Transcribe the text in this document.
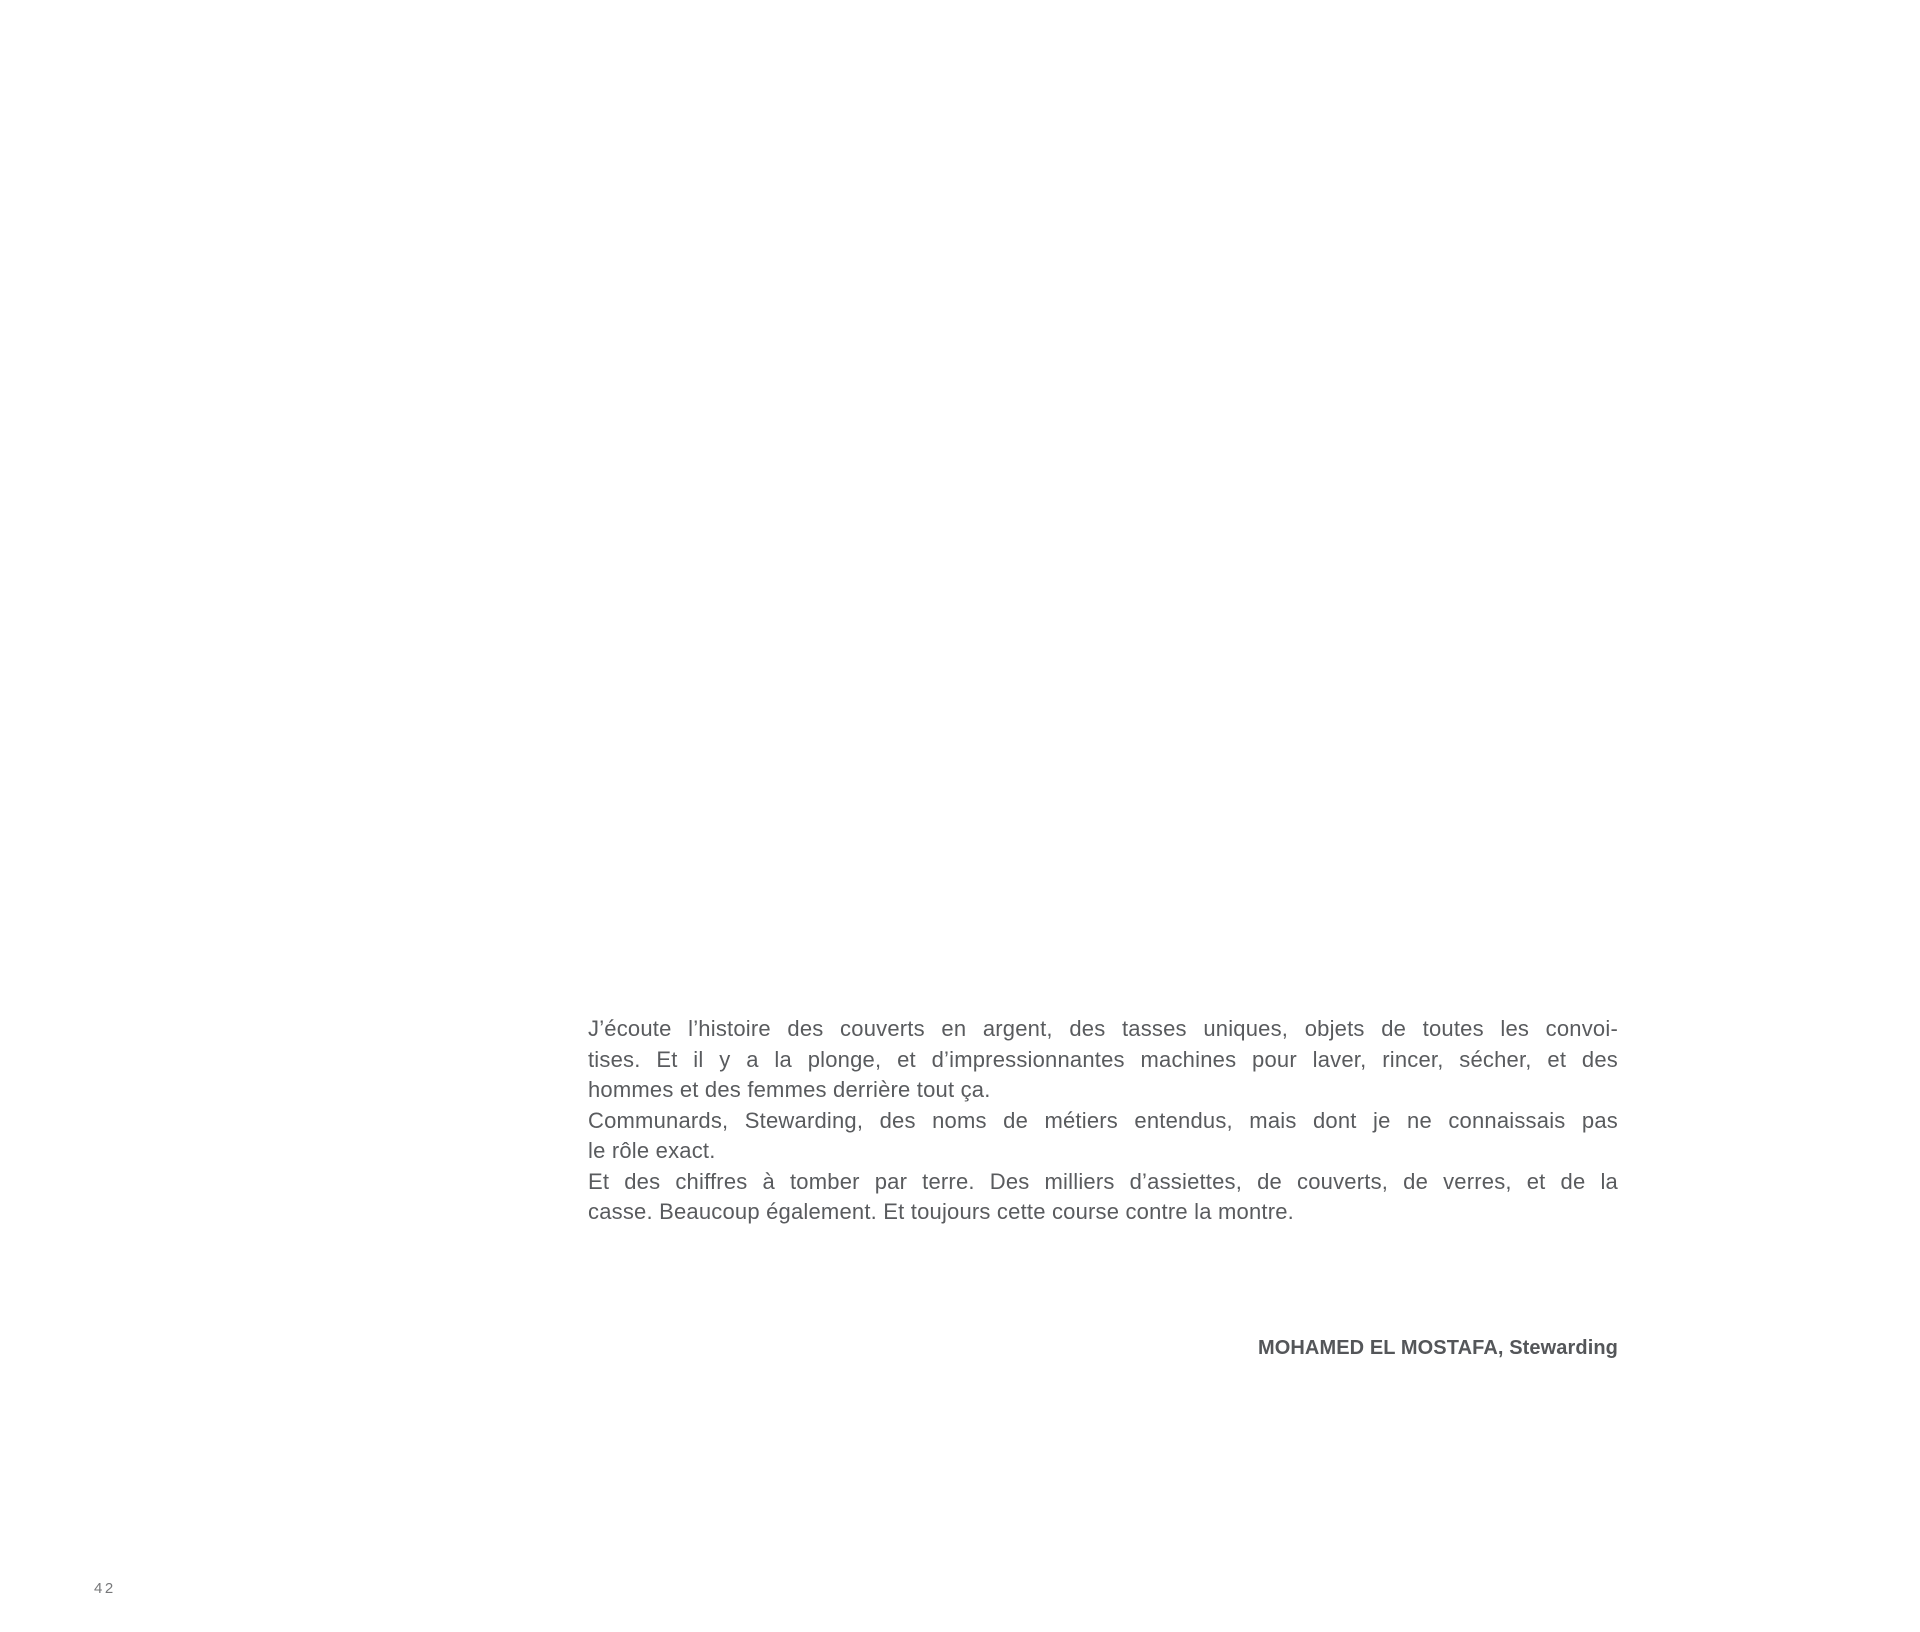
J’écoute l’histoire des couverts en argent, des tasses uniques, objets de toutes les convoi-
tises. Et il y a la plonge, et d’impressionnantes machines pour laver, rincer, sécher, et des
hommes et des femmes derrière tout ça.
Communards, Stewarding, des noms de métiers entendus, mais dont je ne connaissais pas
le rôle exact.
Et des chiffres à tomber par terre. Des milliers d’assiettes, de couverts, de verres, et de la
casse. Beaucoup également. Et toujours cette course contre la montre.
MOHAMED EL MOSTAFA, Stewarding
42
